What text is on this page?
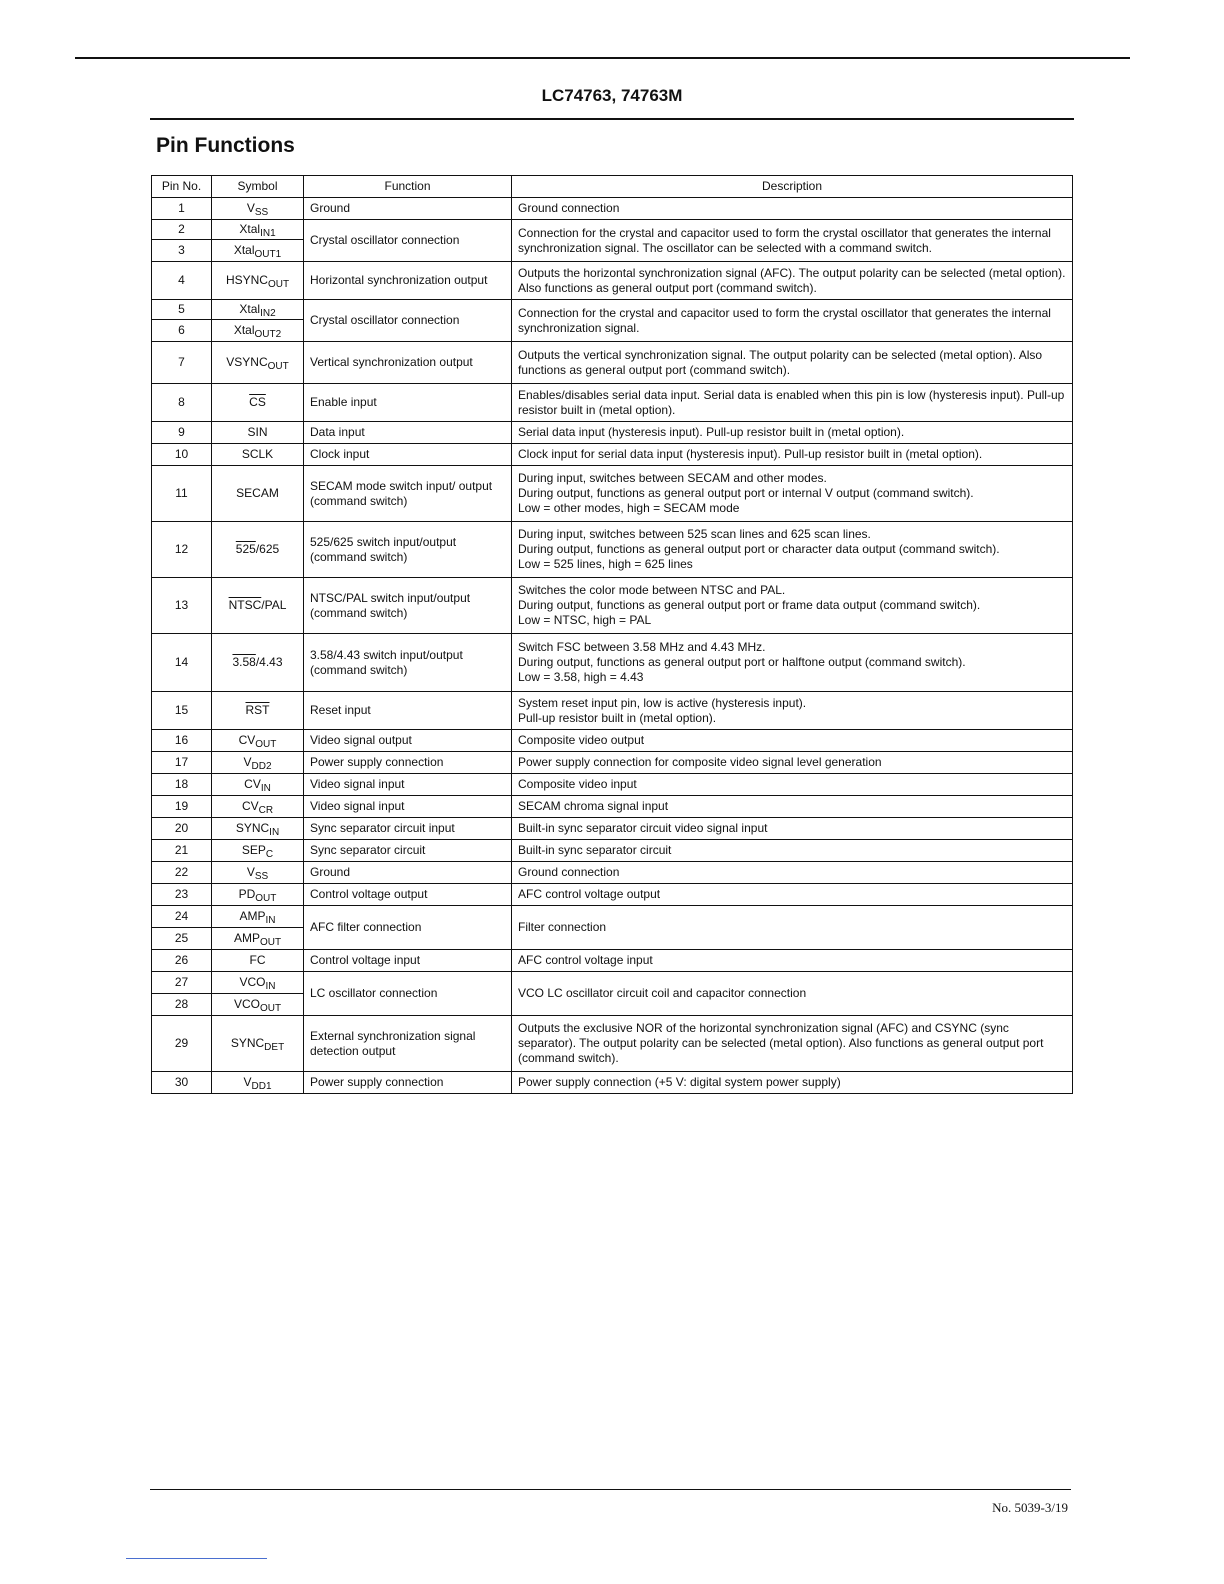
LC74763, 74763M
Pin Functions
Pin No.	Symbol	Function	Description
1	$V_{SS}$	Ground	Ground connection
2	Xtal$_{IN1}$	Crystal oscillator connection	Connection for the crystal and capacitor used to form the crystal oscillator that generates the internal synchronization signal. The oscillator can be selected with a command switch.
3	Xtal$_{OUT1}$
4	$HSYNC_{OUT}$	Horizontal synchronization output	Outputs the horizontal synchronization signal (AFC). The output polarity can be selected (metal option). Also functions as general output port (command switch).
5	Xtal$_{IN2}$	Crystal oscillator connection	Connection for the crystal and capacitor used to form the crystal oscillator that generates the internal synchronization signal.
6	Xtal$_{OUT2}$
7	$VSYNC_{OUT}$	Vertical synchronization output	Outputs the vertical synchronization signal. The output polarity can be selected (metal option). Also functions as general output port (command switch).
8	$\overline{CS}$	Enable input	Enables/disables serial data input. Serial data is enabled when this pin is low (hysteresis input). Pull-up resistor built in (metal option).
9	SIN	Data input	Serial data input (hysteresis input). Pull-up resistor built in (metal option).
10	SCLK	Clock input	Clock input for serial data input (hysteresis input). Pull-up resistor built in (metal option).
11	SECAM	SECAM mode switch input/ output (command switch)	During input, switches between SECAM and other modes.
During output, functions as general output port or internal V output (command switch).
Low = other modes, high = SECAM mode
12	525/625	525/625 switch input/output (command switch)	During input, switches between 525 scan lines and 625 scan lines.
During output, functions as general output port or character data output (command switch).
Low = 525 lines, high = 625 lines
13	NTSC/PAL	NTSC/PAL switch input/output (command switch)	Switches the color mode between NTSC and PAL.
During output, functions as general output port or frame data output (command switch).
Low = NTSC, high = PAL
14	3.58/4.43	3.58/4.43 switch input/output (command switch)	Switch FSC between 3.58 MHz and 4.43 MHz.
During output, functions as general output port or halftone output (command switch).
Low = 3.58, high = 4.43
15	$\overline{RST}$	Reset input	System reset input pin, low is active (hysteresis input).
Pull-up resistor built in (metal option).
16	$CV_{OUT}$	Video signal output	Composite video output
17	$V_{DD2}$	Power supply connection	Power supply connection for composite video signal level generation
18	$CV_{IN}$	Video signal input	Composite video input
19	$CV_{CR}$	Video signal input	SECAM chroma signal input
20	$SYNC_{IN}$	Sync separator circuit input	Built-in sync separator circuit video signal input
21	$SEP_C$	Sync separator circuit	Built-in sync separator circuit
22	$V_{SS}$	Ground	Ground connection
23	$PD_{OUT}$	Control voltage output	AFC control voltage output
24	$AMP_{IN}$	AFC filter connection	Filter connection
25	$AMP_{OUT}$
26	FC	Control voltage input	AFC control voltage input
27	$VCO_{IN}$	LC oscillator connection	VCO LC oscillator circuit coil and capacitor connection
28	$VCO_{OUT}$
29	$SYNC_{DET}$	External synchronization signal detection output	Outputs the exclusive NOR of the horizontal synchronization signal (AFC) and CSYNC (sync separator). The output polarity can be selected (metal option). Also functions as general output port (command switch).
30	$V_{DD1}$	Power supply connection	Power supply connection (+5 V: digital system power supply)
No. 5039-3/19
